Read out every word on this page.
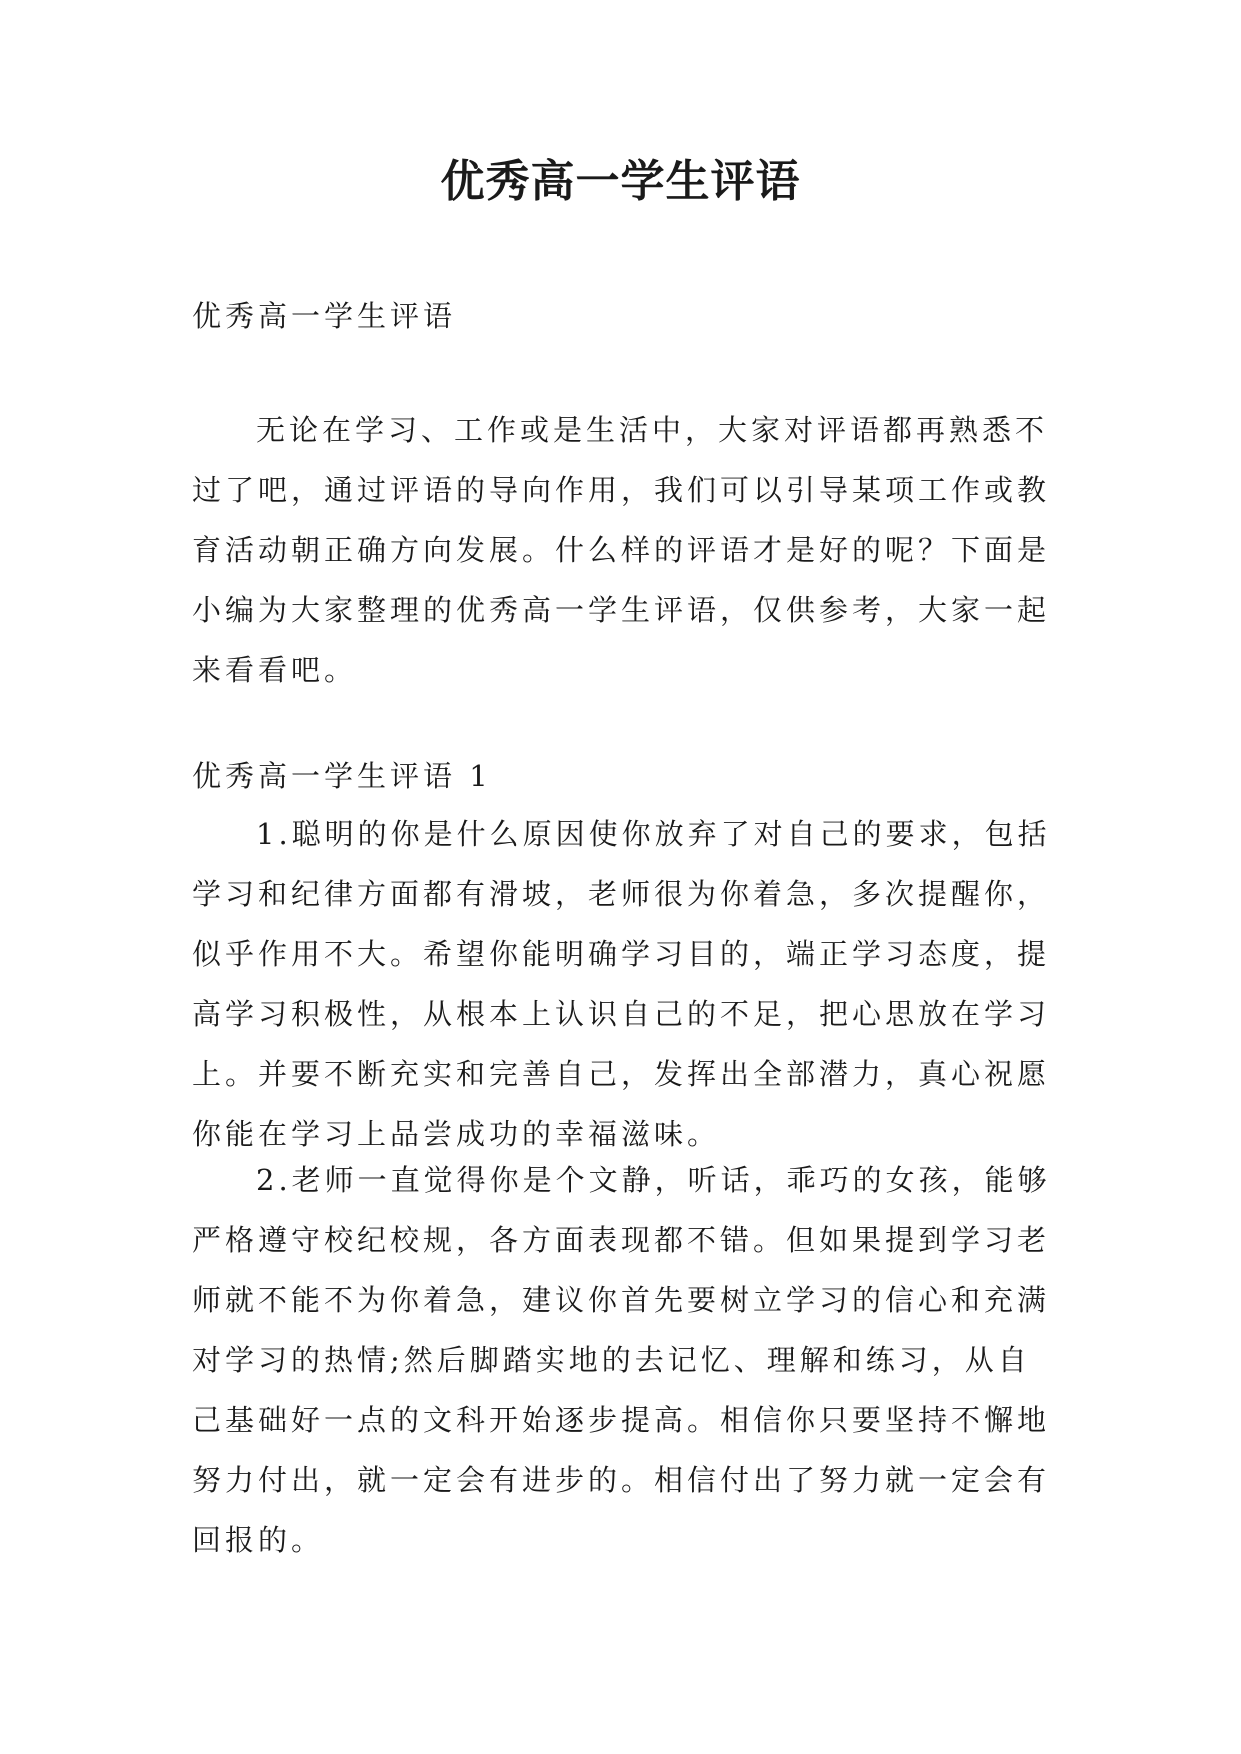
优秀高一学生评语

优秀高一学生评语

无论在学习、工作或是生活中，大家对评语都再熟悉不过了吧，通过评语的导向作用，我们可以引导某项工作或教育活动朝正确方向发展。什么样的评语才是好的呢？下面是小编为大家整理的优秀高一学生评语，仅供参考，大家一起来看看吧。

优秀高一学生评语 1

1.聪明的你是什么原因使你放弃了对自己的要求，包括学习和纪律方面都有滑坡，老师很为你着急，多次提醒你，似乎作用不大。希望你能明确学习目的，端正学习态度，提高学习积极性，从根本上认识自己的不足，把心思放在学习上。并要不断充实和完善自己，发挥出全部潜力，真心祝愿你能在学习上品尝成功的幸福滋味。

2.老师一直觉得你是个文静，听话，乖巧的女孩，能够严格遵守校纪校规，各方面表现都不错。但如果提到学习老师就不能不为你着急，建议你首先要树立学习的信心和充满对学习的热情;然后脚踏实地的去记忆、理解和练习，从自己基础好一点的文科开始逐步提高。相信你只要坚持不懈地努力付出，就一定会有进步的。相信付出了努力就一定会有回报的。
